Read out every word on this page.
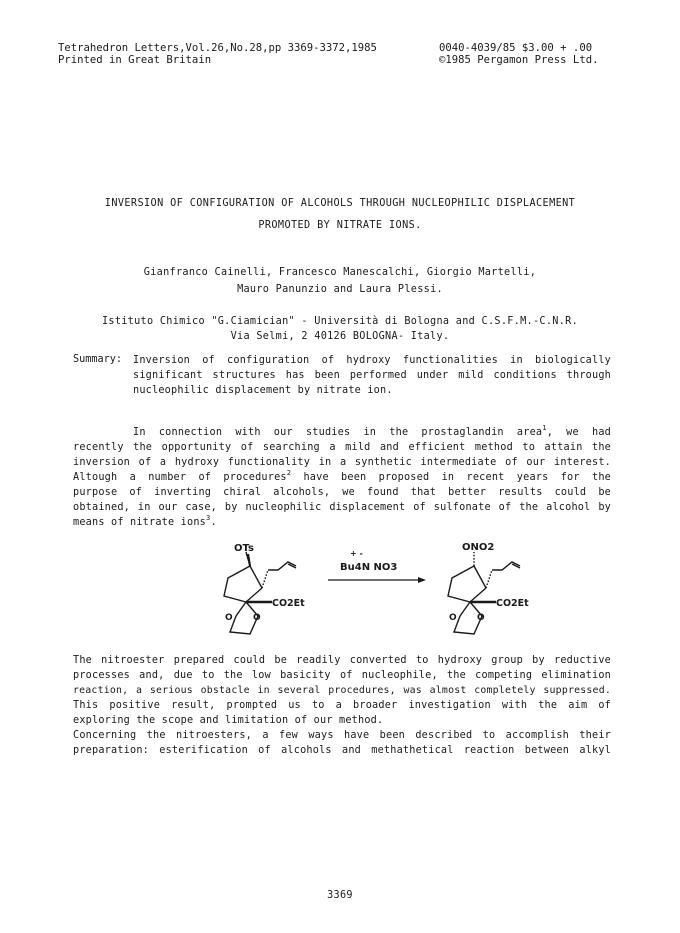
Tetrahedron Letters,Vol.26,No.28,pp 3369-3372,1985
Printed in Great Britain
0040-4039/85 $3.00 + .00
©1985 Pergamon Press Ltd.
INVERSION OF CONFIGURATION OF ALCOHOLS THROUGH NUCLEOPHILIC DISPLACEMENT
PROMOTED BY NITRATE IONS.
Gianfranco Cainelli, Francesco Manescalchi, Giorgio Martelli,
Mauro Panunzio and Laura Plessi.
Istituto Chimico "G.Ciamician" - Università di Bologna and C.S.F.M.-C.N.R.
Via Selmi, 2 40126 BOLOGNA- Italy.
Summary: Inversion of configuration of hydroxy functionalities in biologically
significant structures has been performed under mild conditions through
nucleophilic displacement by nitrate ion.
In connection with our studies in the prostaglandin area$^1$, we had
recently the opportunity of searching a mild and efficient method to attain the
inversion of a hydroxy functionality in a synthetic intermediate of our interest.
Altough a number of procedures$^2$ have been proposed in recent years for the
purpose of inverting chiral alcohols, we found that better results could be
obtained, in our case, by nucleophilic displacement of sulfonate of the alcohol by
means of nitrate ions$^3$.
OTs
CO2Et
O O
+ -
Bu4N NO3
ONO2
CO2Et
O O
The nitroester prepared could be readily converted to hydroxy group by reductive
processes and, due to the low basicity of nucleophile, the competing elimination
reaction, a serious obstacle in several procedures, was almost completely suppressed.
This positive result, prompted us to a broader investigation with the aim of
exploring the scope and limitation of our method.
Concerning the nitroesters, a few ways have been described to accomplish their
preparation: esterification of alcohols and methathetical reaction between alkyl
3369
